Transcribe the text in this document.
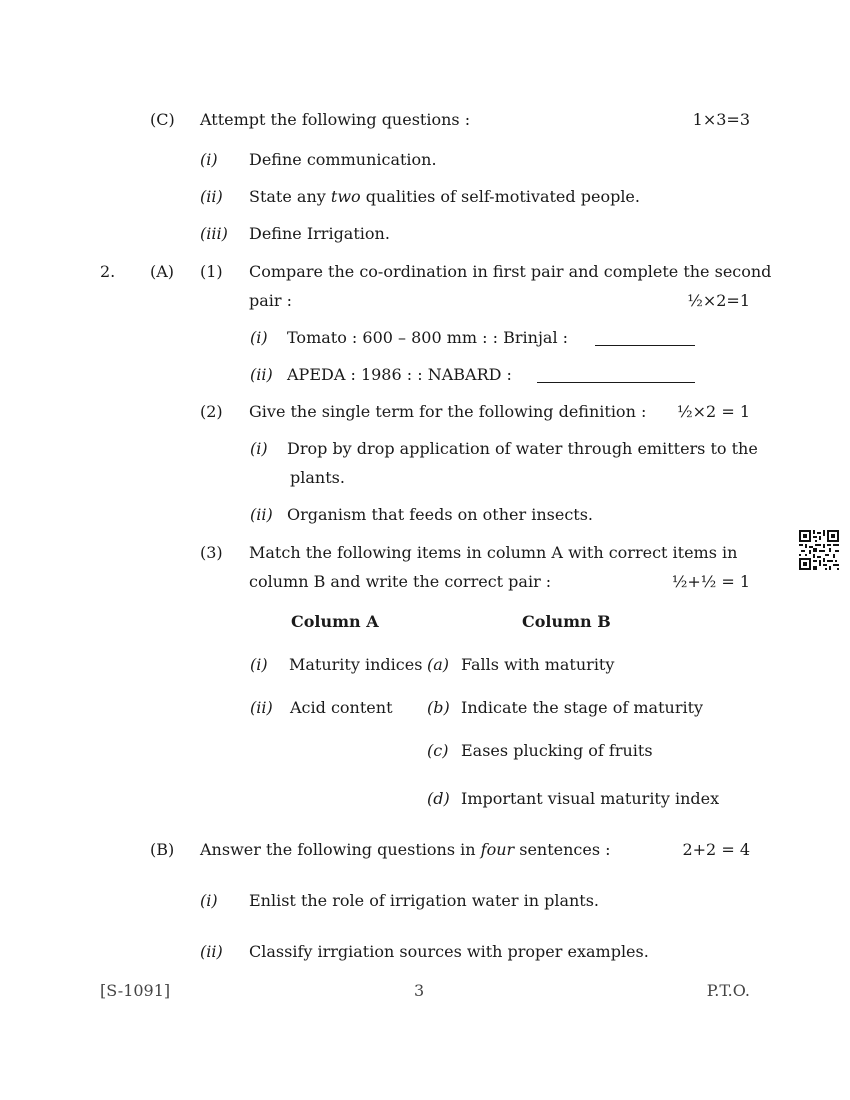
(C) Attempt the following questions :	1×3=3
(i) Define communication.
(ii) State any two qualities of self-motivated people.
(iii) Define Irrigation.
2. (A) (1) Compare the co-ordination in first pair and complete the second
pair :	½×2=1
(i) Tomato : 600 – 800 mm : : Brinjal :
(ii) APEDA : 1986 : : NABARD :
(2) Give the single term for the following definition :	½×2 = 1
(i) Drop by drop application of water through emitters to the
plants.
(ii) Organism that feeds on other insects.
(3) Match the following items in column A with correct items in
column B and write the correct pair :	½+½ = 1
Column A	Column B
(i) Maturity indices (a) Falls with maturity
(ii) Acid content (b) Indicate the stage of maturity
(c) Eases plucking of fruits
(d) Important visual maturity index
(B) Answer the following questions in four sentences :	2+2 = 4
(i) Enlist the role of irrigation water in plants.
(ii) Classify irrgiation sources with proper examples.
[S-1091]	3	P.T.O.
